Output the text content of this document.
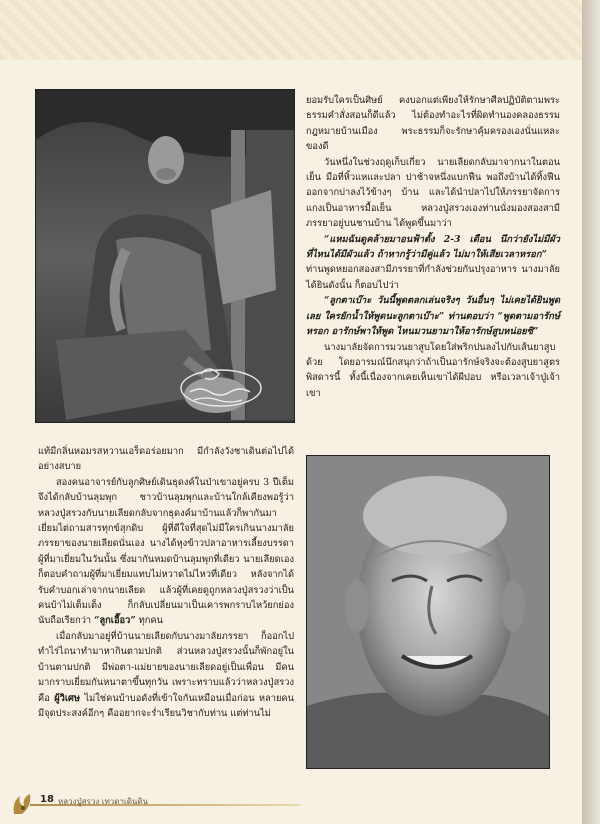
ยอมรับใครเป็นศิษย์ คงบอกแต่เพียงให้รักษาศีลปฏิบัติตามพระธรรมคำสั่งสอนก็ดีแล้ว ไม่ต้องทำอะไรที่ผิดทำนองคลองธรรม กฎหมายบ้านเมือง พระธรรมก็จะรักษาคุ้มครองเองนั่นแหละของดี

วันหนึ่งในช่วงฤดูเก็บเกี่ยว นายเลียดกลับมาจากนาในตอนเย็น มือที่หิ้วแหและปลา ปาช้าจหนึ่งแบกฟืน พอถึงบ้านได้ทิ้งฟืนออกจากบ่าลงไว้ข้างๆ บ้าน และได้นำปลาไปให้ภรรยาจัดการแกงเป็นอาหารมื้อเย็น หลวงปู่สรวงเองท่านนั่งมองสองสามีภรรยาอยู่บนชานบ้าน ได้พูดขึ้นมาว่า

“แหมฉันดูคล้ายมาอนฟ้าตั้ง 2-3 เดือน นึกว่ายังไม่มีผัว ที่ไหนได้มีผัวแล้ว ถ้าหากรู้ว่ามีคู่แล้ว ไม่มาให้เสียเวลาหรอก”

ท่านพูดหยอกสองสามีภรรยาที่กำลังช่วยกันปรุงอาหาร นางมาลัยได้ยินดังนั้น ก็ตอบไปว่า

“ลูกตาเบ๊าะ วันนี้พูดตลกเล่นจริงๆ วันอื่นๆ ไม่เคยได้ยินพูดเลย ใครยักน้ำให้พูดนะลูกตาเบ๊าะ” ท่านตอบว่า “พูดตามอารักษ์หรอก อารักษ์พาให้พูด ไหนมวนยามาให้อารักษ์สูบหน่อยซิ”

นางมาลัยจัดการมวนยาสูบโดยใส่พริกปนลงไปกับเส้นยาสูบด้วย โดยอารมณ์นึกสนุกว่าถ้าเป็นอารักษ์จริงจะต้องสูบยาสูตรพิสดารนี้ ทั้งนี้เนื่องจากเคยเห็นเขาได้ผีปอบ หรือเวลาเจ้าปู่เจ้าเขา

แท้มีกลิ่นหอมรสหวานเอร็ดอร่อยมาก มีกำลังวังชาเดินต่อไปได้อย่างสบาย

สองคนอาจารย์กับลูกศิษย์เดินธุดงค์ในป่าเขาอยู่ครบ 3 ปีเต็ม จึงได้กลับบ้านลุมพุก ชาวบ้านลุมพุกและบ้านใกล้เคียงพอรู้ว่า หลวงปู่สรวงกับนายเลียดกลับจากธุดงค์มาบ้านแล้วก็พากันมาเยี่ยมไต่ถามสารทุกข์สุกดิบ ผู้ที่ดีใจที่สุดไม่มีใครเกินนางมาลัย ภรรยาของนายเลียดนั่นเอง นางได้หุงข้าวปลาอาหารเลี้ยงบรรดาผู้ที่มาเยี่ยมในวันนั้น ซึ่งมากันหมดบ้านลุมพุกที่เดียว นายเลียดเองก็ตอบคำถามผู้ที่มาเยี่ยมแทบไม่หวาดไม่ไหวที่เดียว หลังจากได้รับคำบอกเล่าจากนายเลียด แล้วผู้ที่เคยดูถูกหลวงปู่สรวงว่าเป็นคนบ้าไม่เต็มเต็ง ก็กลับเปลี่ยนมาเป็นเคารพกราบไหว้ยกย่อง นับถือเรียกว่า “ลูกเอื๊อว” ทุกคน

เมื่อกลับมาอยู่ที่บ้านนายเลียดกับนางมาลัยภรรยา ก็ออกไปทำไร่ไถนาทำมาหากินตามปกติ ส่วนหลวงปู่สรวงนั้นก็พักอยู่ในบ้านตามปกติ มีพ่อตา-แม่ยายของนายเลียดอยู่เป็นเพื่อน มีคนมากราบเยี่ยมกันหนาตาขึ้นทุกวัน เพราะทราบแล้วว่าหลวงปู่สรวงคือ ผู้วิเศษ ไม่ใช่คนบ้าบอดังที่เข้าใจกันเหมือนเมื่อก่อน หลายคนมีจุดประสงค์อีกๆ คืออยากจะร่ำเรียนวิชากับท่าน แต่ท่านไม่

18 หลวงปู่สรวง เทวดาเดินดิน
